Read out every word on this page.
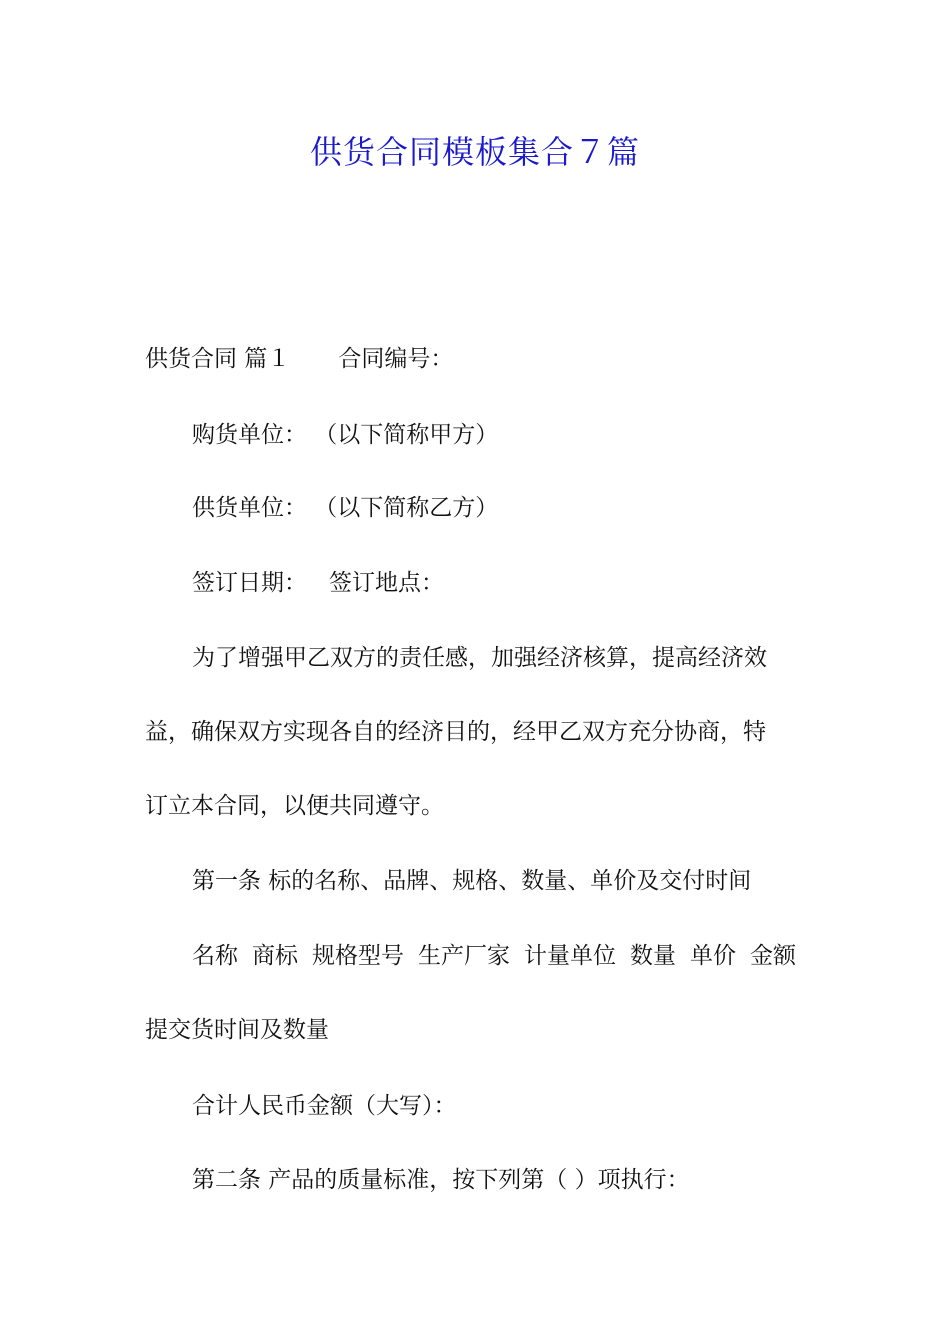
供货合同模板集合７篇
供货合同 篇１ 合同编号：
购货单位： （以下简称甲方）
供货单位： （以下简称乙方）
签订日期： 签订地点：
为了增强甲乙双方的责任感，加强经济核算，提高经济效
益，确保双方实现各自的经济目的，经甲乙双方充分协商，特
订立本合同，以便共同遵守。
第一条 标的名称、品牌、规格、数量、单价及交付时间
名称 商标 规格型号 生产厂家 计量单位 数量 单价 金额
提交货时间及数量
合计人民币金额（大写）：
第二条 产品的质量标准，按下列第（ ）项执行：
